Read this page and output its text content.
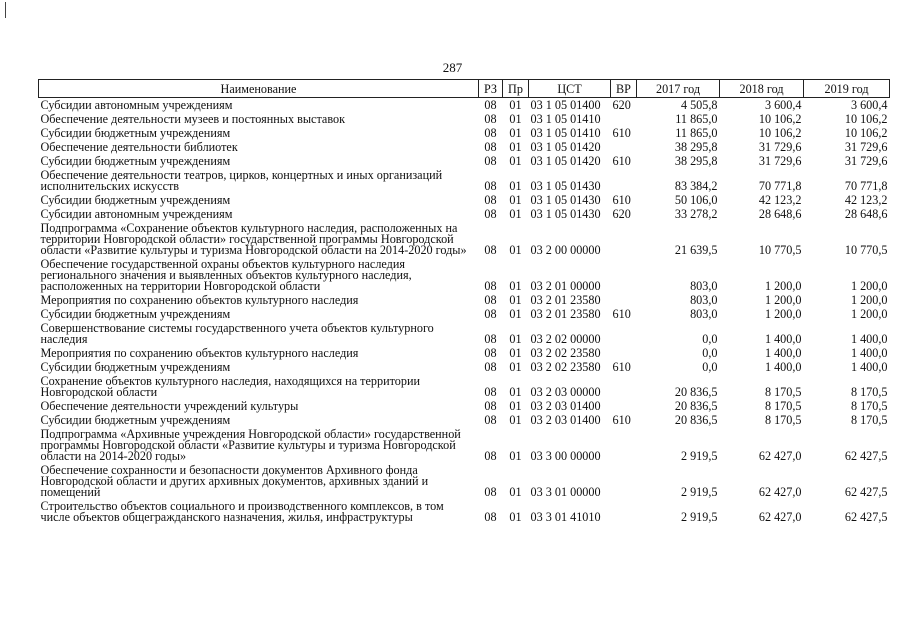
287
Наименование	РЗ	Пр	ЦСТ	ВР	2017 год	2018 год	2019 год
Субсидии автономным учреждениям	08	01	03 1 05 01400	620	4 505,8	3 600,4	3 600,4
Обеспечение деятельности музеев и постоянных выставок	08	01	03 1 05 01410		11 865,0	10 106,2	10 106,2
Субсидии бюджетным учреждениям	08	01	03 1 05 01410	610	11 865,0	10 106,2	10 106,2
Обеспечение деятельности библиотек	08	01	03 1 05 01420		38 295,8	31 729,6	31 729,6
Субсидии бюджетным учреждениям	08	01	03 1 05 01420	610	38 295,8	31 729,6	31 729,6
Обеспечение деятельности театров, цирков, концертных и иных организаций исполнительских искусств	08	01	03 1 05 01430		83 384,2	70 771,8	70 771,8
Субсидии бюджетным учреждениям	08	01	03 1 05 01430	610	50 106,0	42 123,2	42 123,2
Субсидии автономным учреждениям	08	01	03 1 05 01430	620	33 278,2	28 648,6	28 648,6
Подпрограмма «Сохранение объектов культурного наследия, расположенных на территории Новгородской области» государственной программы Новгородской области «Развитие культуры и туризма Новгородской области на 2014-2020 годы»	08	01	03 2 00 00000		21 639,5	10 770,5	10 770,5
Обеспечение государственной охраны объектов культурного наследия регионального значения и выявленных объектов культурного наследия, расположенных на территории Новгородской области	08	01	03 2 01 00000		803,0	1 200,0	1 200,0
Мероприятия по сохранению объектов культурного наследия	08	01	03 2 01 23580		803,0	1 200,0	1 200,0
Субсидии бюджетным учреждениям	08	01	03 2 01 23580	610	803,0	1 200,0	1 200,0
Совершенствование системы государственного учета объектов культурного наследия	08	01	03 2 02 00000		0,0	1 400,0	1 400,0
Мероприятия по сохранению объектов культурного наследия	08	01	03 2 02 23580		0,0	1 400,0	1 400,0
Субсидии бюджетным учреждениям	08	01	03 2 02 23580	610	0,0	1 400,0	1 400,0
Сохранение объектов культурного наследия, находящихся на территории Новгородской области	08	01	03 2 03 00000		20 836,5	8 170,5	8 170,5
Обеспечение деятельности учреждений культуры	08	01	03 2 03 01400		20 836,5	8 170,5	8 170,5
Субсидии бюджетным учреждениям	08	01	03 2 03 01400	610	20 836,5	8 170,5	8 170,5
Подпрограмма «Архивные учреждения Новгородской области» государственной программы Новгородской области «Развитие культуры и туризма Новгородской области на 2014-2020 годы»	08	01	03 3 00 00000		2 919,5	62 427,0	62 427,5
Обеспечение сохранности и безопасности документов Архивного фонда Новгородской области и других архивных документов, архивных зданий и помещений	08	01	03 3 01 00000		2 919,5	62 427,0	62 427,5
Строительство объектов социального и производственного комплексов, в том числе объектов общегражданского назначения, жилья, инфраструктуры	08	01	03 3 01 41010		2 919,5	62 427,0	62 427,5
